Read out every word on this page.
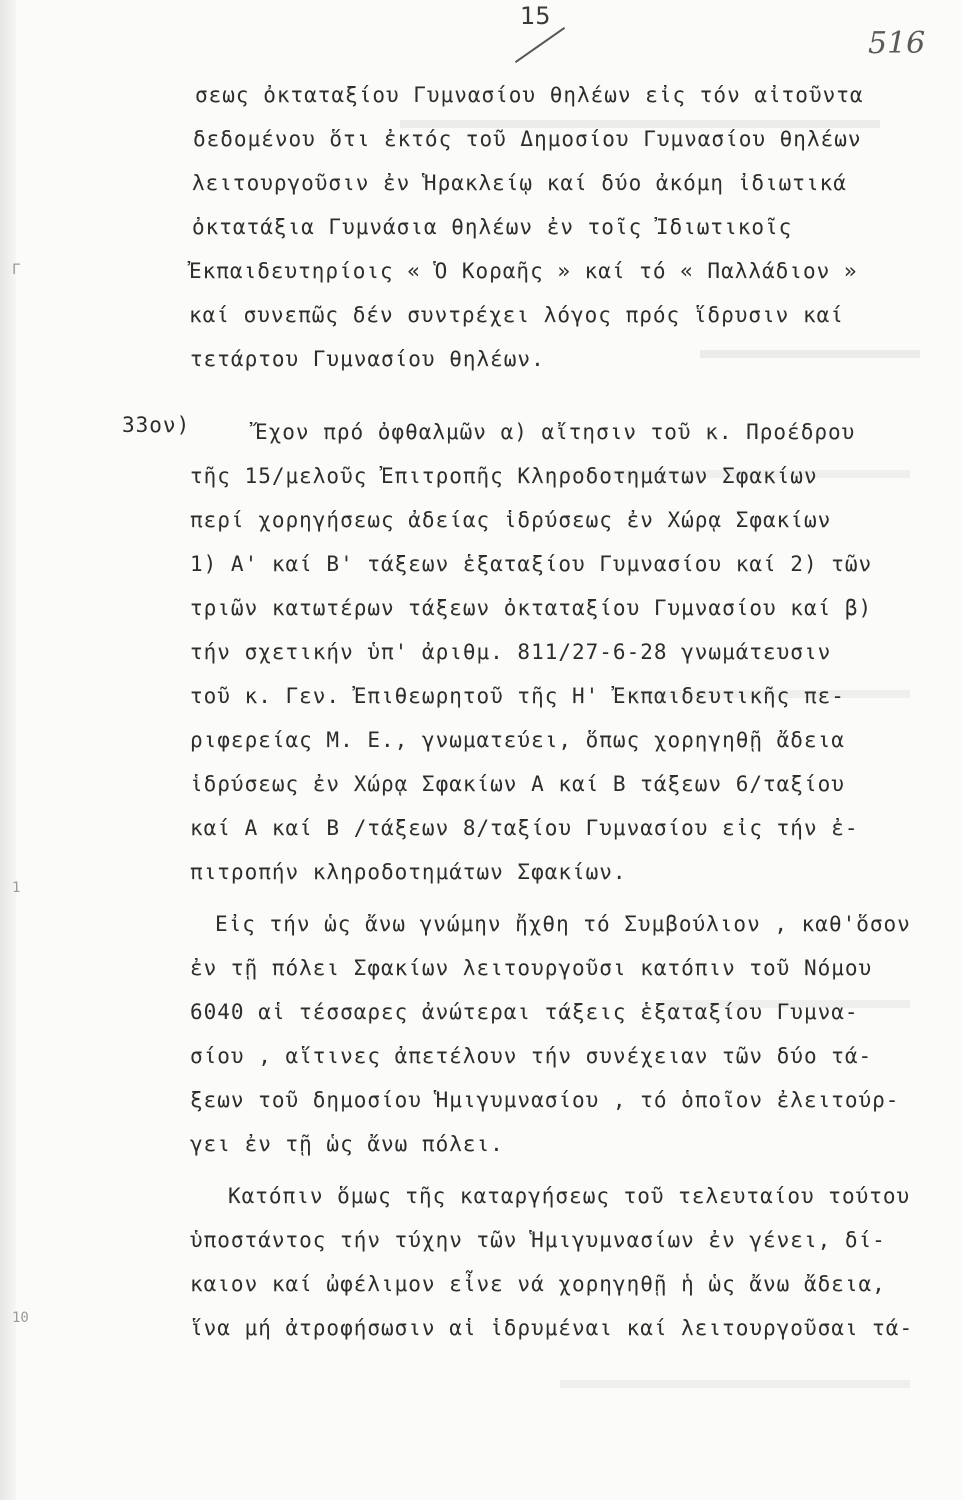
Γ
1
10
15
516
33ον)
σεως ὀκταταξίου Γυμνασίου θηλέων εἰς τόν αἰτοῦντα
δεδομένου ὅτι ἐκτός τοῦ Δημοσίου Γυμνασίου θηλέων
λειτουργοῦσιν ἐν Ἡρακλείῳ καί δύο ἀκόμη ἰδιωτικά
ὀκτατάξια Γυμνάσια θηλέων ἐν τοῖς Ἰδιωτικοῖς
Ἐκπαιδευτηρίοις « Ὁ Κοραῆς » καί τό « Παλλάδιον »
καί συνεπῶς δέν συντρέχει λόγος πρός ἵδρυσιν καί
τετάρτου Γυμνασίου θηλέων.
Ἔχον πρό ὀφθαλμῶν α) αἴτησιν τοῦ κ. Προέδρου
τῆς 15/μελοῦς Ἐπιτροπῆς Κληροδοτημάτων Σφακίων
περί χορηγήσεως ἀδείας ἱδρύσεως ἐν Χώρᾳ Σφακίων
1) Α' καί Β' τάξεων ἑξαταξίου Γυμνασίου καί 2) τῶν
τριῶν κατωτέρων τάξεων ὀκταταξίου Γυμνασίου καί β)
τήν σχετικήν ὑπ' ἀριθμ. 811/27-6-28 γνωμάτευσιν
τοῦ κ. Γεν. Ἐπιθεωρητοῦ τῆς Η' Ἐκπαιδευτικῆς πε-
ριφερείας Μ. Ε., γνωματεύει, ὅπως χορηγηθῇ ἄδεια
ἱδρύσεως ἐν Χώρᾳ Σφακίων Α καί Β τάξεων 6/ταξίου
καί Α καί Β /τάξεων 8/ταξίου Γυμνασίου εἰς τήν ἐ-
πιτροπήν κληροδοτημάτων Σφακίων.
Εἰς τήν ὡς ἄνω γνώμην ἤχθη τό Συμβούλιον , καθ'ὅσον
ἐν τῇ πόλει Σφακίων λειτουργοῦσι κατόπιν τοῦ Νόμου
6040 αἱ τέσσαρες ἀνώτεραι τάξεις ἑξαταξίου Γυμνα-
σίου , αἵτινες ἀπετέλουν τήν συνέχειαν τῶν δύο τά-
ξεων τοῦ δημοσίου Ἡμιγυμνασίου , τό ὁποῖον ἐλειτούρ-
γει ἐν τῇ ὡς ἄνω πόλει.
Κατόπιν ὅμως τῆς καταργήσεως τοῦ τελευταίου τούτου
ὑποστάντος τήν τύχην τῶν Ἡμιγυμνασίων ἐν γένει, δί-
καιον καί ὠφέλιμον εἶνε νά χορηγηθῇ ἡ ὡς ἄνω ἄδεια,
ἵνα μή ἀτροφήσωσιν αἱ ἱδρυμέναι καί λειτουργοῦσαι τά-
